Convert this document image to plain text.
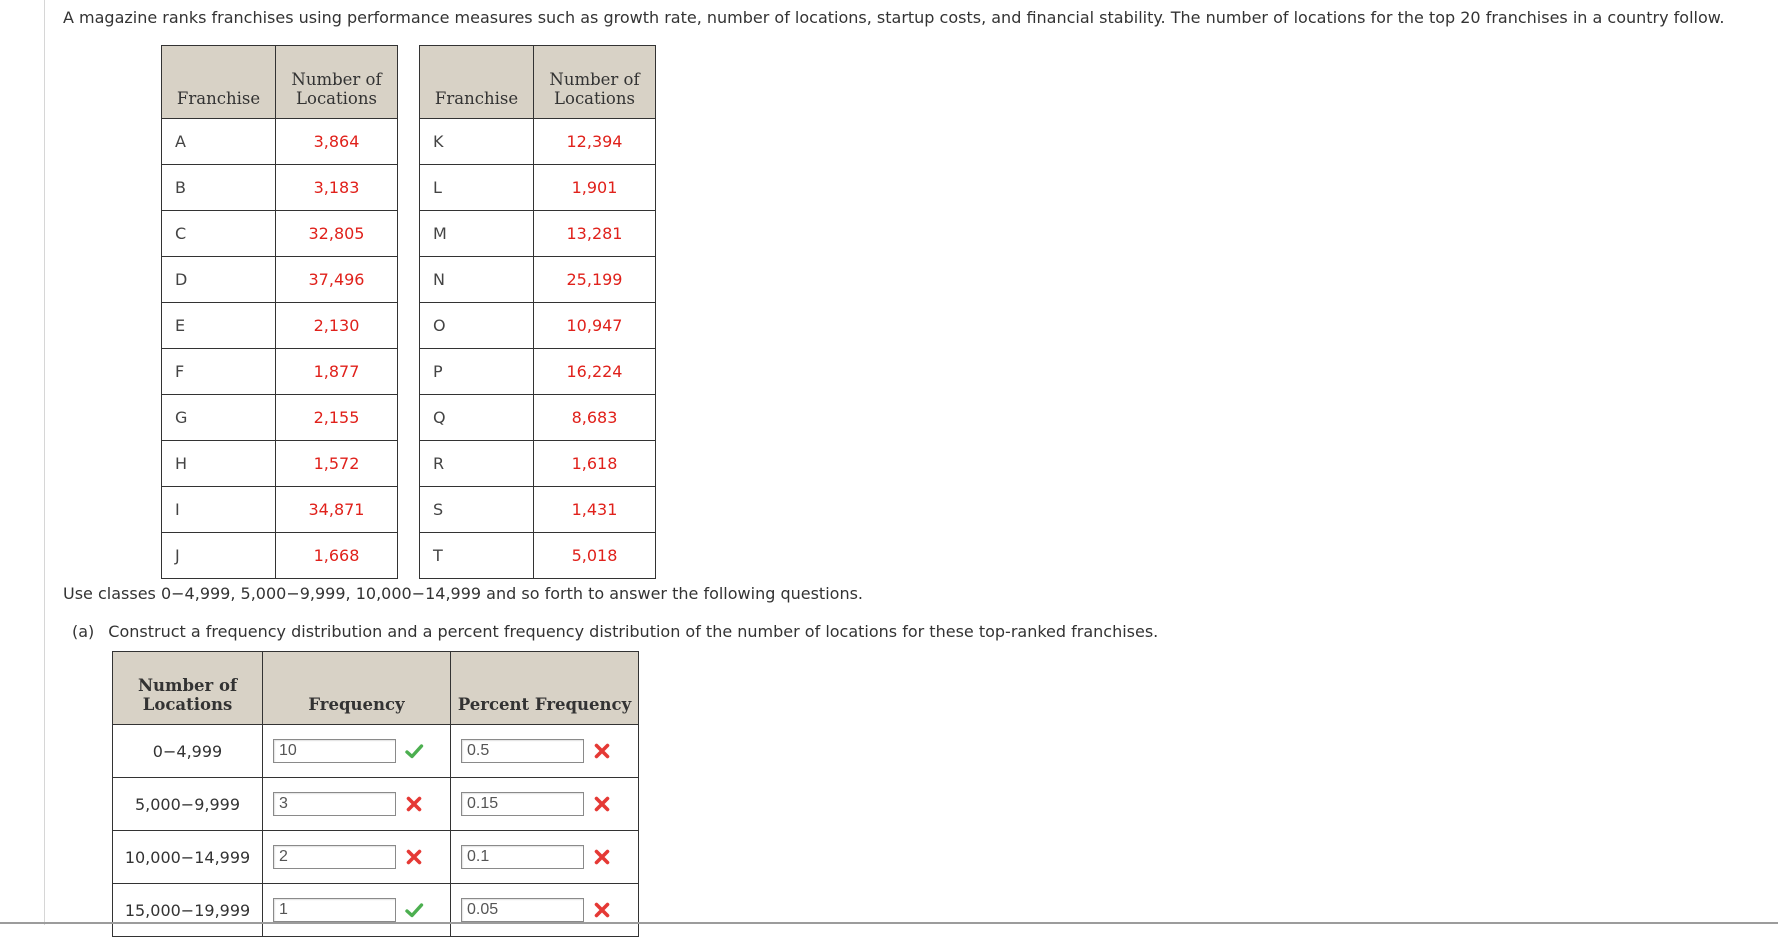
A magazine ranks franchises using performance measures such as growth rate, number of locations, startup costs, and financial stability. The number of locations for the top 20 franchises in a country follow.
Franchise	Number of Locations
A	3,864
B	3,183
C	32,805
D	37,496
E	2,130
F	1,877
G	2,155
H	1,572
I	34,871
J	1,668
Franchise	Number of Locations
K	12,394
L	1,901
M	13,281
N	25,199
O	10,947
P	16,224
Q	8,683
R	1,618
S	1,431
T	5,018
Use classes 0−4,999, 5,000−9,999, 10,000−14,999 and so forth to answer the following questions.
(a) Construct a frequency distribution and a percent frequency distribution of the number of locations for these top-ranked franchises.
Number of Locations	Frequency	Percent Frequency
0−4,999	10	0.5

5,000−9,999	3	0.15

10,000−14,999	2	0.1

15,000−19,999	1	0.05
